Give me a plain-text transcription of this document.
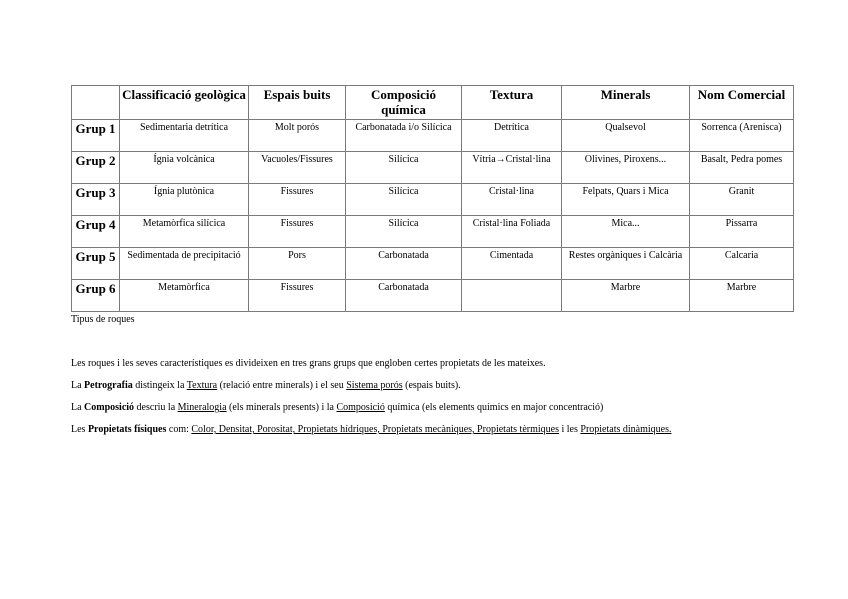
	Classificació geològica	Espais buits	Composició química	Textura	Minerals	Nom Comercial
Grup 1	Sedimentaria detrítica	Molt porós	Carbonatada i/o Silícica	Detrítica	Qualsevol	Sorrenca (Arenisca)
Grup 2	Ígnia volcànica	Vacuoles/Fissures	Silícica	Vítria→Cristal·lina	Olivines, Piroxens...	Basalt, Pedra pomes
Grup 3	Ígnia plutònica	Fissures	Silícica	Cristal·lina	Felpats, Quars i Mica	Granit
Grup 4	Metamòrfica silícica	Fissures	Silícica	Cristal·lina Foliada	Mica...	Pissarra
Grup 5	Sedimentada de precipitació	Pors	Carbonatada	Cimentada	Restes orgàniques i Calcària	Calcaria
Grup 6	Metamòrfica	Fissures	Carbonatada		Marbre	Marbre
Tipus de roques
Les roques i les seves característiques es divideixen en tres grans grups que engloben certes propietats de les mateixes.
La Petrografia distingeix la Textura (relació entre minerals) i el seu Sistema porós (espais buits).
La Composició descriu la Mineralogia (els minerals presents) i la Composició química (els elements químics en major concentració)
Les Propietats físiques com: Color, Densitat, Porositat, Propietats hídriques, Propietats mecàniques, Propietats tèrmiques i les Propietats dinàmiques.
